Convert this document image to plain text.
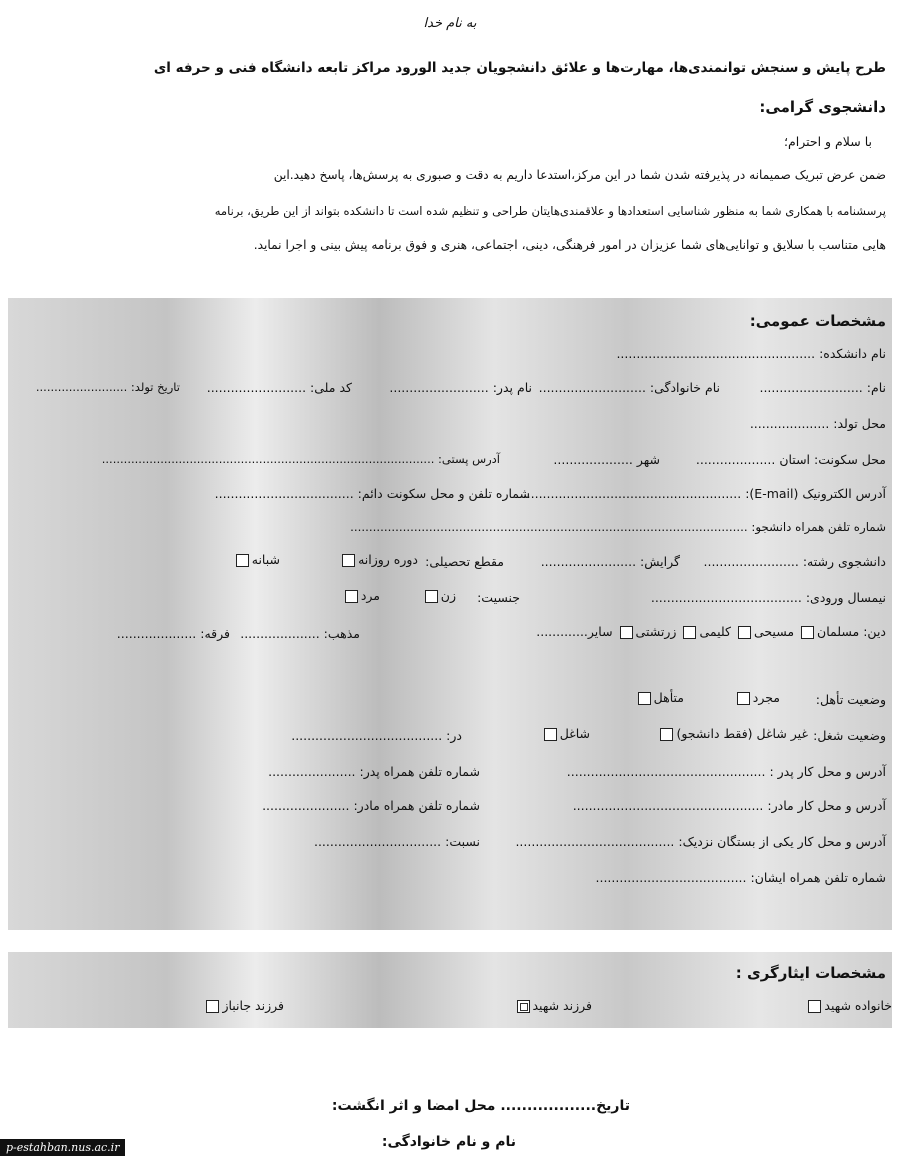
به نام خدا
طرح پایش و سنجش توانمندی‌ها، مهارت‌ها و علائق دانشجویان جدید الورود مراکز تابعه دانشگاه فنی و حرفه ای
دانشجوی گرامی:
با سلام و احترام؛
ضمن عرض تبریک صمیمانه در پذیرفته شدن شما در این مرکز،استدعا داریم به دقت و صبوری به پرسش‌ها، پاسخ دهید.این
پرسشنامه با همکاری شما به منظور شناسایی استعدادها و علاقمندی‌هایتان طراحی و تنظیم شده است تا دانشکده بتواند از این طریق، برنامه
هایی متناسب با سلایق و توانایی‌های شما عزیزان در امور فرهنگی، دینی، اجتماعی، هنری و فوق برنامه پیش بینی و اجرا نماید.
مشخصات عمومی:
نام دانشکده: ..................................................
نام: ..........................
نام خانوادگی: ...........................
نام پدر: .........................
کد ملی: .........................
تاریخ تولد: .........................
محل تولد: ....................
محل سکونت: استان ....................
شهر ....................
آدرس پستی: ...........................................................................................
آدرس الکترونیک (E-mail): ........................................................
شماره تلفن و محل سکونت دائم: ...................................
شماره تلفن همراه دانشجو: ..........................................................................................................
دانشجوی رشته: ........................
گرایش: ........................
مقطع تحصیلی:
دوره روزانه
شبانه
نیمسال ورودی: ......................................
جنسیت:
زن
مرد
دین: مسلمان مسیحی کلیمی زرتشتی سایر.............
مذهب: ....................
فرقه: ....................
وضعیت تأهل:
مجرد
متأهل
وضعیت شغل:
غیر شاغل (فقط دانشجو)
شاغل
در: ......................................
آدرس و محل کار پدر : ..................................................
شماره تلفن همراه پدر: ......................
آدرس و محل کار مادر: ................................................
شماره تلفن همراه مادر: ......................
آدرس و محل کار یکی از بستگان نزدیک: ........................................
نسبت: ................................
شماره تلفن همراه ایشان: ......................................
مشخصات ایثارگری :
خانواده شهید
فرزند شهید
فرزند جانباز
تاریخ.................. محل امضا و اثر انگشت:
نام و نام خانوادگی:
p-estahban.nus.ac.ir
